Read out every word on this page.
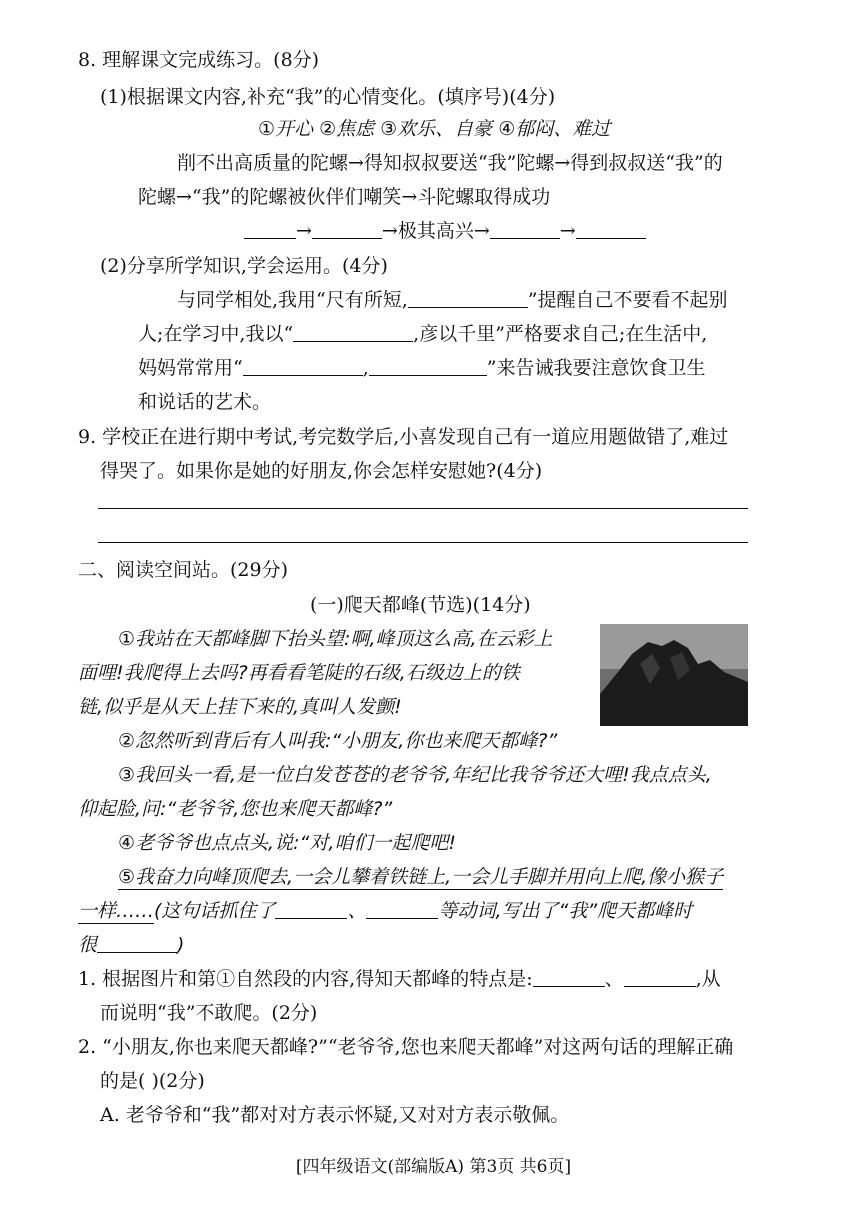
8. 理解课文完成练习。(8分)
(1)根据课文内容,补充“我”的心情变化。(填序号)(4分)
①开心 ②焦虑 ③欢乐、自豪 ④郁闷、难过
削不出高质量的陀螺→得知叔叔要送“我”陀螺→得到叔叔送“我”的
陀螺→“我”的陀螺被伙伴们嘲笑→斗陀螺取得成功
→	→极其高兴→	→
(2)分享所学知识,学会运用。(4分)
与同学相处,我用“尺有所短,	”提醒自己不要看不起别
人;在学习中,我以“	,彦以千里”严格要求自己;在生活中,
妈妈常常用“	,	”来告诫我要注意饮食卫生
和说话的艺术。
9. 学校正在进行期中考试,考完数学后,小喜发现自己有一道应用题做错了,难过
得哭了。如果你是她的好朋友,你会怎样安慰她?(4分)
二、阅读空间站。(29分)
(一)爬天都峰(节选)(14分)
①我站在天都峰脚下抬头望:啊,峰顶这么高,在云彩上
面哩!我爬得上去吗?再看看笔陡的石级,石级边上的铁
链,似乎是从天上挂下来的,真叫人发颤!
②忽然听到背后有人叫我:“小朋友,你也来爬天都峰?”
③我回头一看,是一位白发苍苍的老爷爷,年纪比我爷爷还大哩!我点点头,
仰起脸,问:“老爷爷,您也来爬天都峰?”
④老爷爷也点点头,说:“对,咱们一起爬吧!
⑤我奋力向峰顶爬去,一会儿攀着铁链上,一会儿手脚并用向上爬,像小猴子
一样……(这句话抓住了	、	等动词,写出了“我”爬天都峰时
很	)
1. 根据图片和第①自然段的内容,得知天都峰的特点是:	、	,从
而说明“我”不敢爬。(2分)
2. “小朋友,你也来爬天都峰?”“老爷爷,您也来爬天都峰”对这两句话的理解正确
的是( )(2分)
A. 老爷爷和“我”都对对方表示怀疑,又对对方表示敬佩。
[四年级语文(部编版A) 第3页 共6页]
